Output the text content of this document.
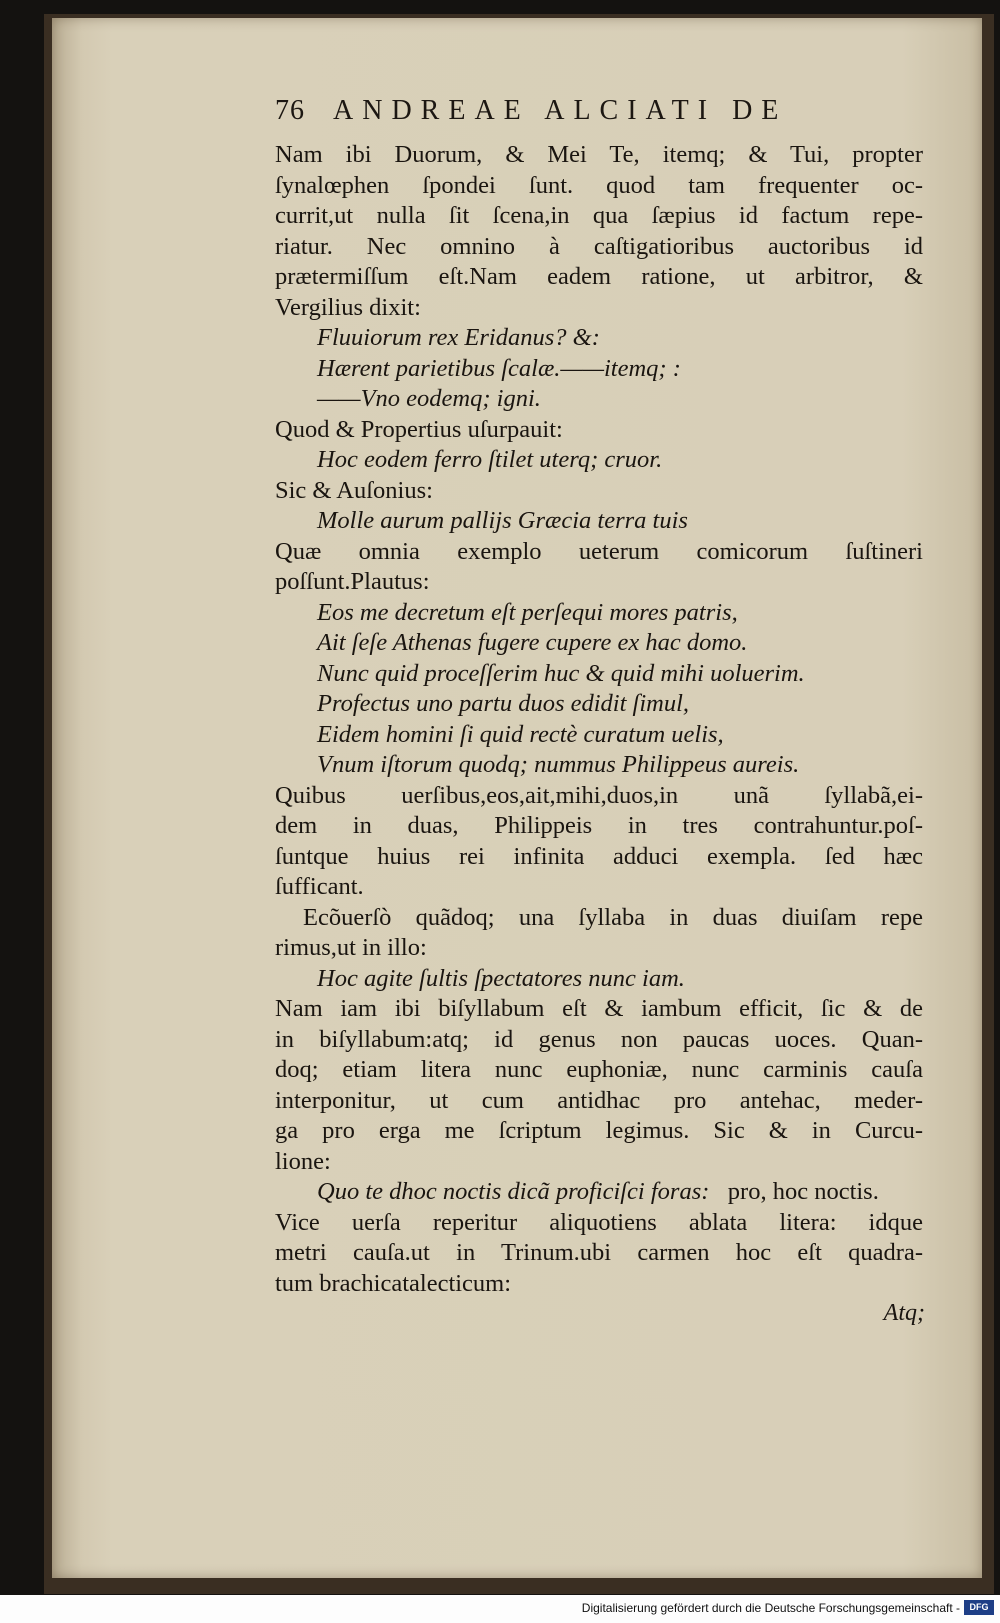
76 ANDREAE ALCIATI DE

Nam ibi Duorum, & Mei Te, itemq; & Tui, propter

ſynalœphen ſpondei ſunt. quod tam frequenter oc-

currit,ut nulla ſit ſcena,in qua ſæpius id factum repe-

riatur. Nec omnino à caſtigatioribus auctoribus id

prætermiſſum eſt.Nam eadem ratione, ut arbitror, &

Vergilius dixit:

Fluuiorum rex Eridanus? &:

Hærent parietibus ſcalæ.——itemq; :

——Vno eodemq; igni.

Quod & Propertius uſurpauit:

Hoc eodem ferro ſtilet uterq; cruor.

Sic & Auſonius:

Molle aurum pallijs Græcia terra tuis

Quæ omnia exemplo ueterum comicorum ſuſtineri

poſſunt.Plautus:

Eos me decretum eſt perſequi mores patris,

Ait ſeſe Athenas fugere cupere ex hac domo.

Nunc quid proceſſerim huc & quid mihi uoluerim.

Profectus uno partu duos edidit ſimul,

Eidem homini ſi quid rectè curatum uelis,

Vnum iſtorum quodq; nummus Philippeus aureis.

Quibus uerſibus,eos,ait,mihi,duos,in unã ſyllabã,ei-

dem in duas, Philippeis in tres contrahuntur.poſ-

ſuntque huius rei infinita adduci exempla. ſed hæc

ſufficant.

Ecõuerſò quãdoq; una ſyllaba in duas diuiſam repe

rimus,ut in illo:

Hoc agite ſultis ſpectatores nunc iam.

Nam iam ibi biſyllabum eſt & iambum efficit, ſic & de

in biſyllabum:atq; id genus non paucas uoces. Quan-

doq; etiam litera nunc euphoniæ, nunc carminis cauſa

interponitur, ut cum antidhac pro antehac, meder-

ga pro erga me ſcriptum legimus. Sic & in Curcu-

lione:

Quo te dhoc noctis dicã proficiſci foras: pro, hoc noctis.

Vice uerſa reperitur aliquotiens ablata litera: idque

metri cauſa.ut in Trinum.ubi carmen hoc eſt quadra-

tum brachicatalecticum:

Atq;
Digitalisierung gefördert durch die Deutsche Forschungsgemeinschaft -	DFG
